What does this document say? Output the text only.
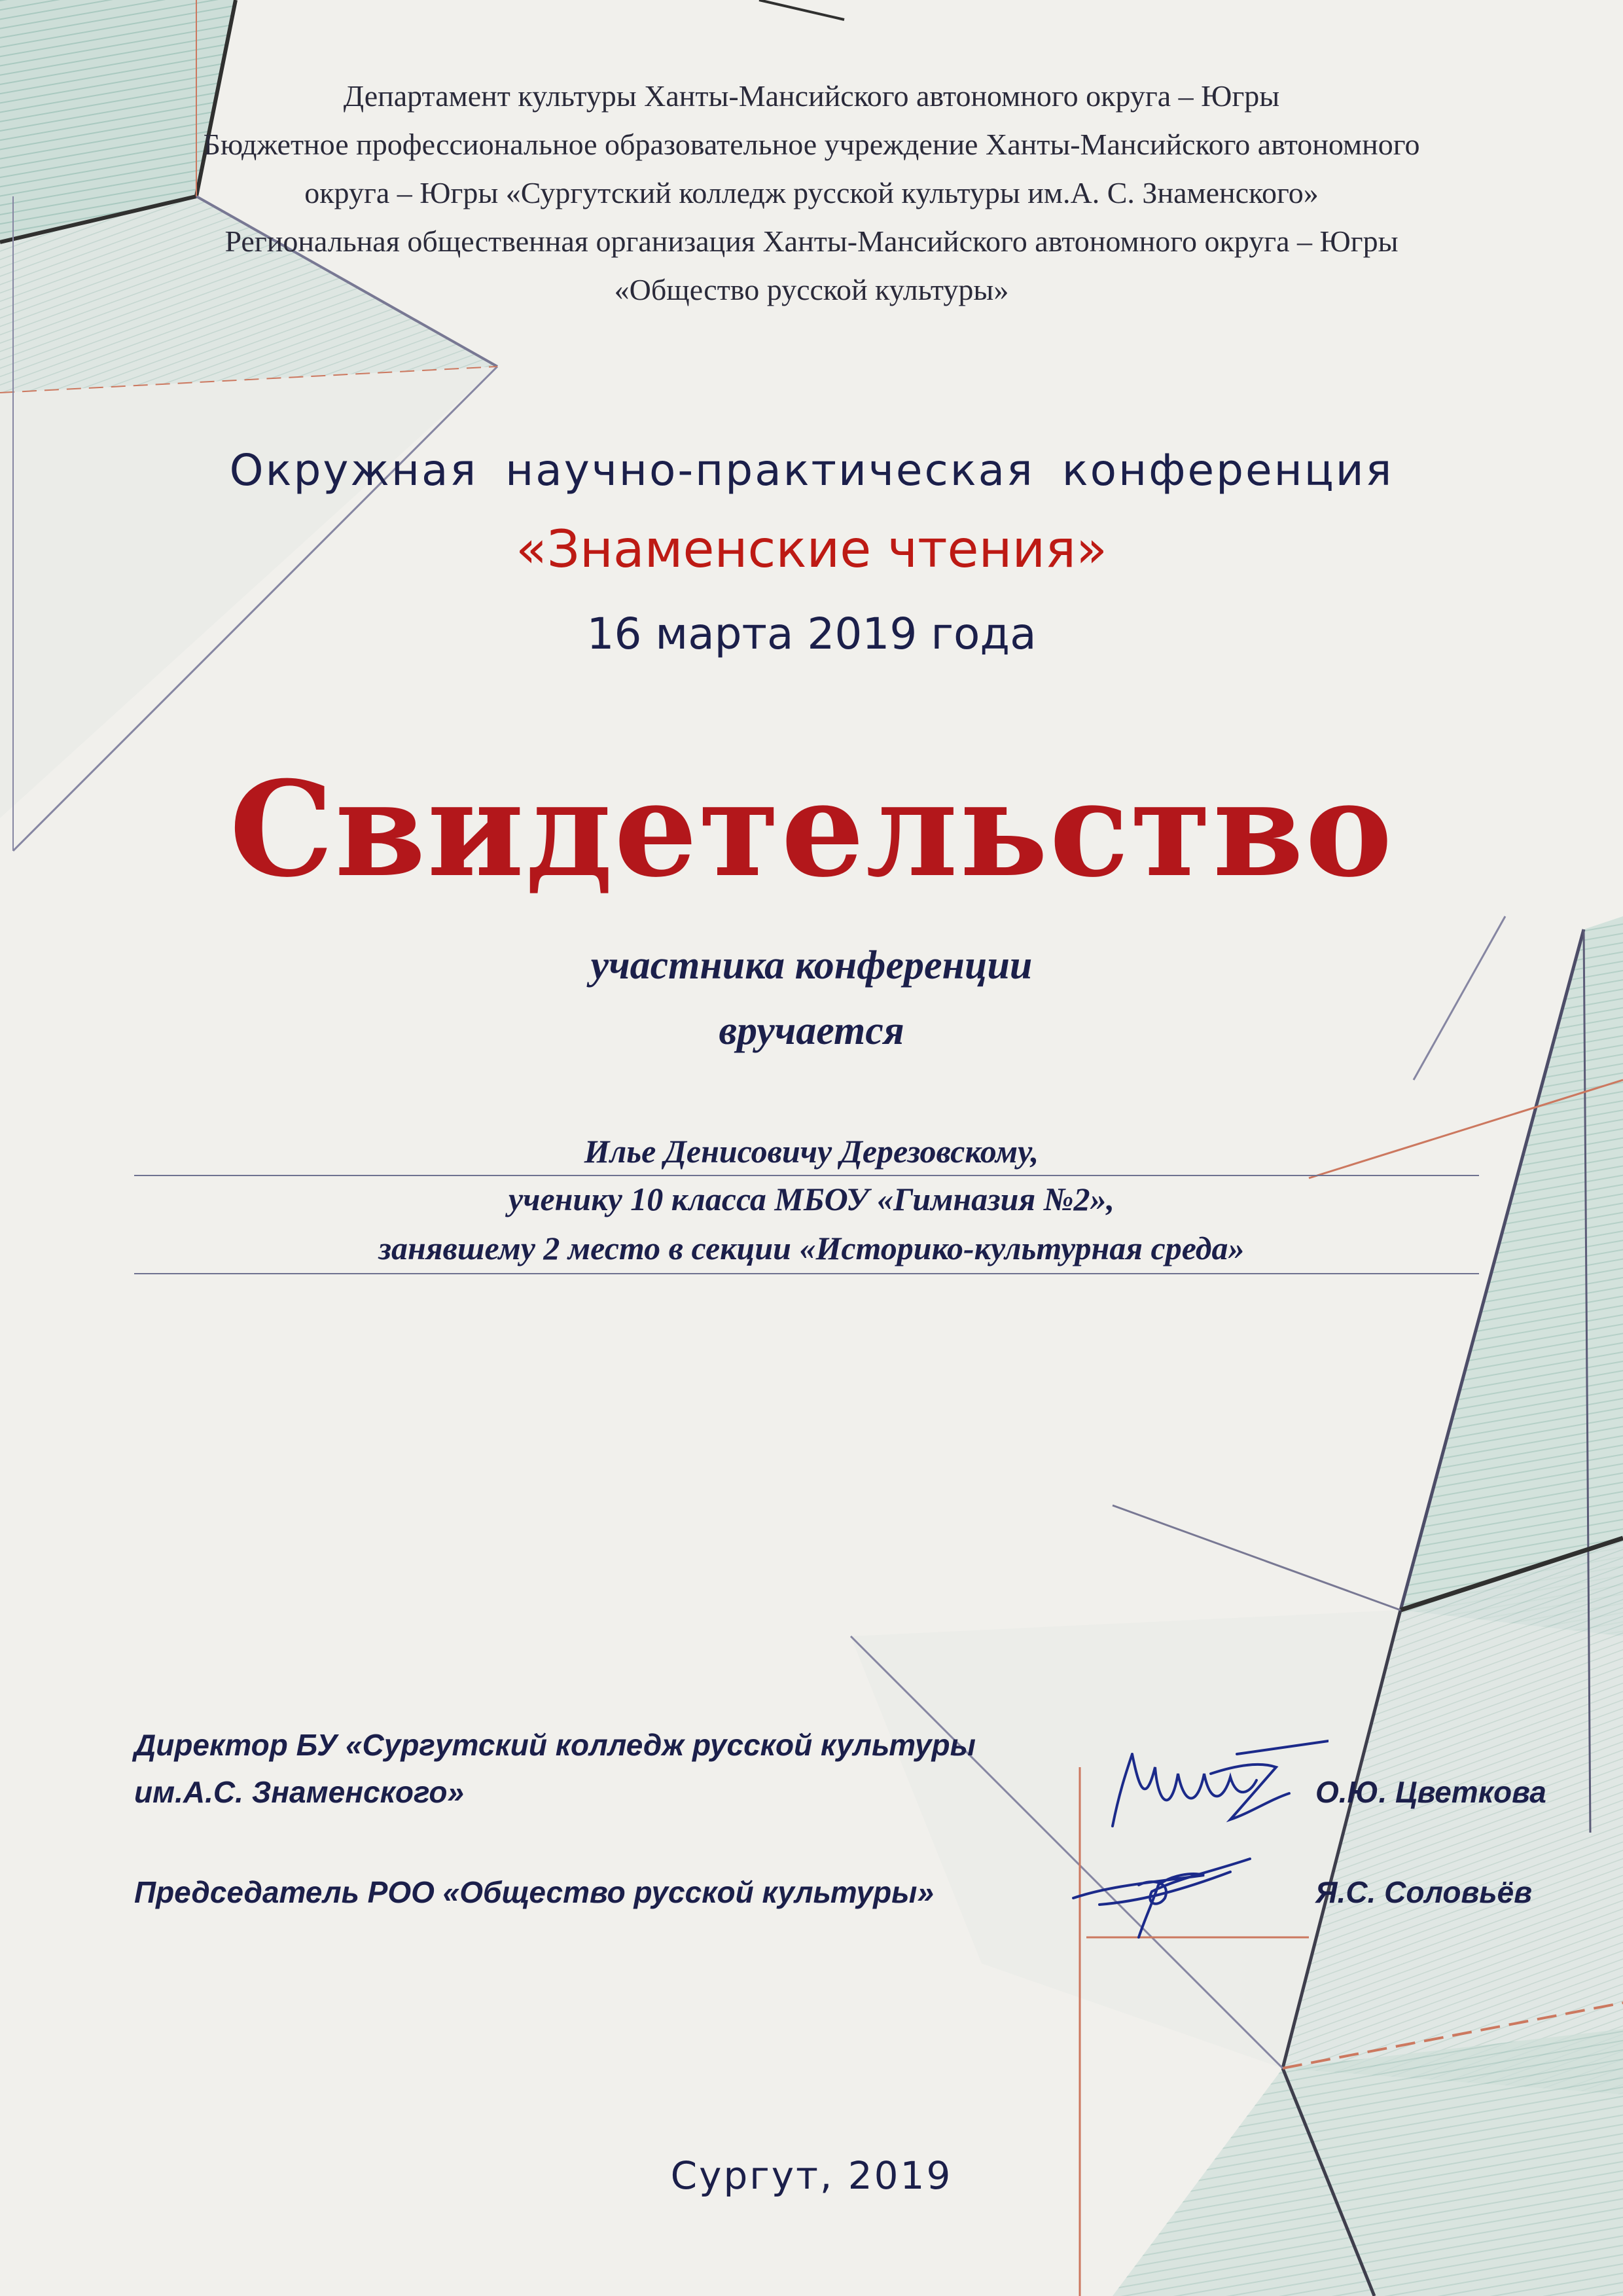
Департамент культуры Ханты-Мансийского автономного округа – Югры
Бюджетное профессиональное образовательное учреждение Ханты-Мансийского автономного
округа – Югры «Сургутский колледж русской культуры им.А. С. Знаменского»
Региональная общественная организация Ханты-Мансийского автономного округа – Югры
«Общество русской культуры»
Окружная научно-практическая конференция
«Знаменские чтения»
16 марта 2019 года
Свидетельство
участника конференции
вручается
Илье Денисовичу Дерезовскому,
ученику 10 класса МБОУ «Гимназия №2»,
занявшему 2 место в секции «Историко-культурная среда»
Директор БУ «Сургутский колледж русской культуры
им.А.С. Знаменского»	О.Ю. Цветкова
Председатель РОО «Общество русской культуры»	Я.С. Соловьёв
Сургут, 2019
